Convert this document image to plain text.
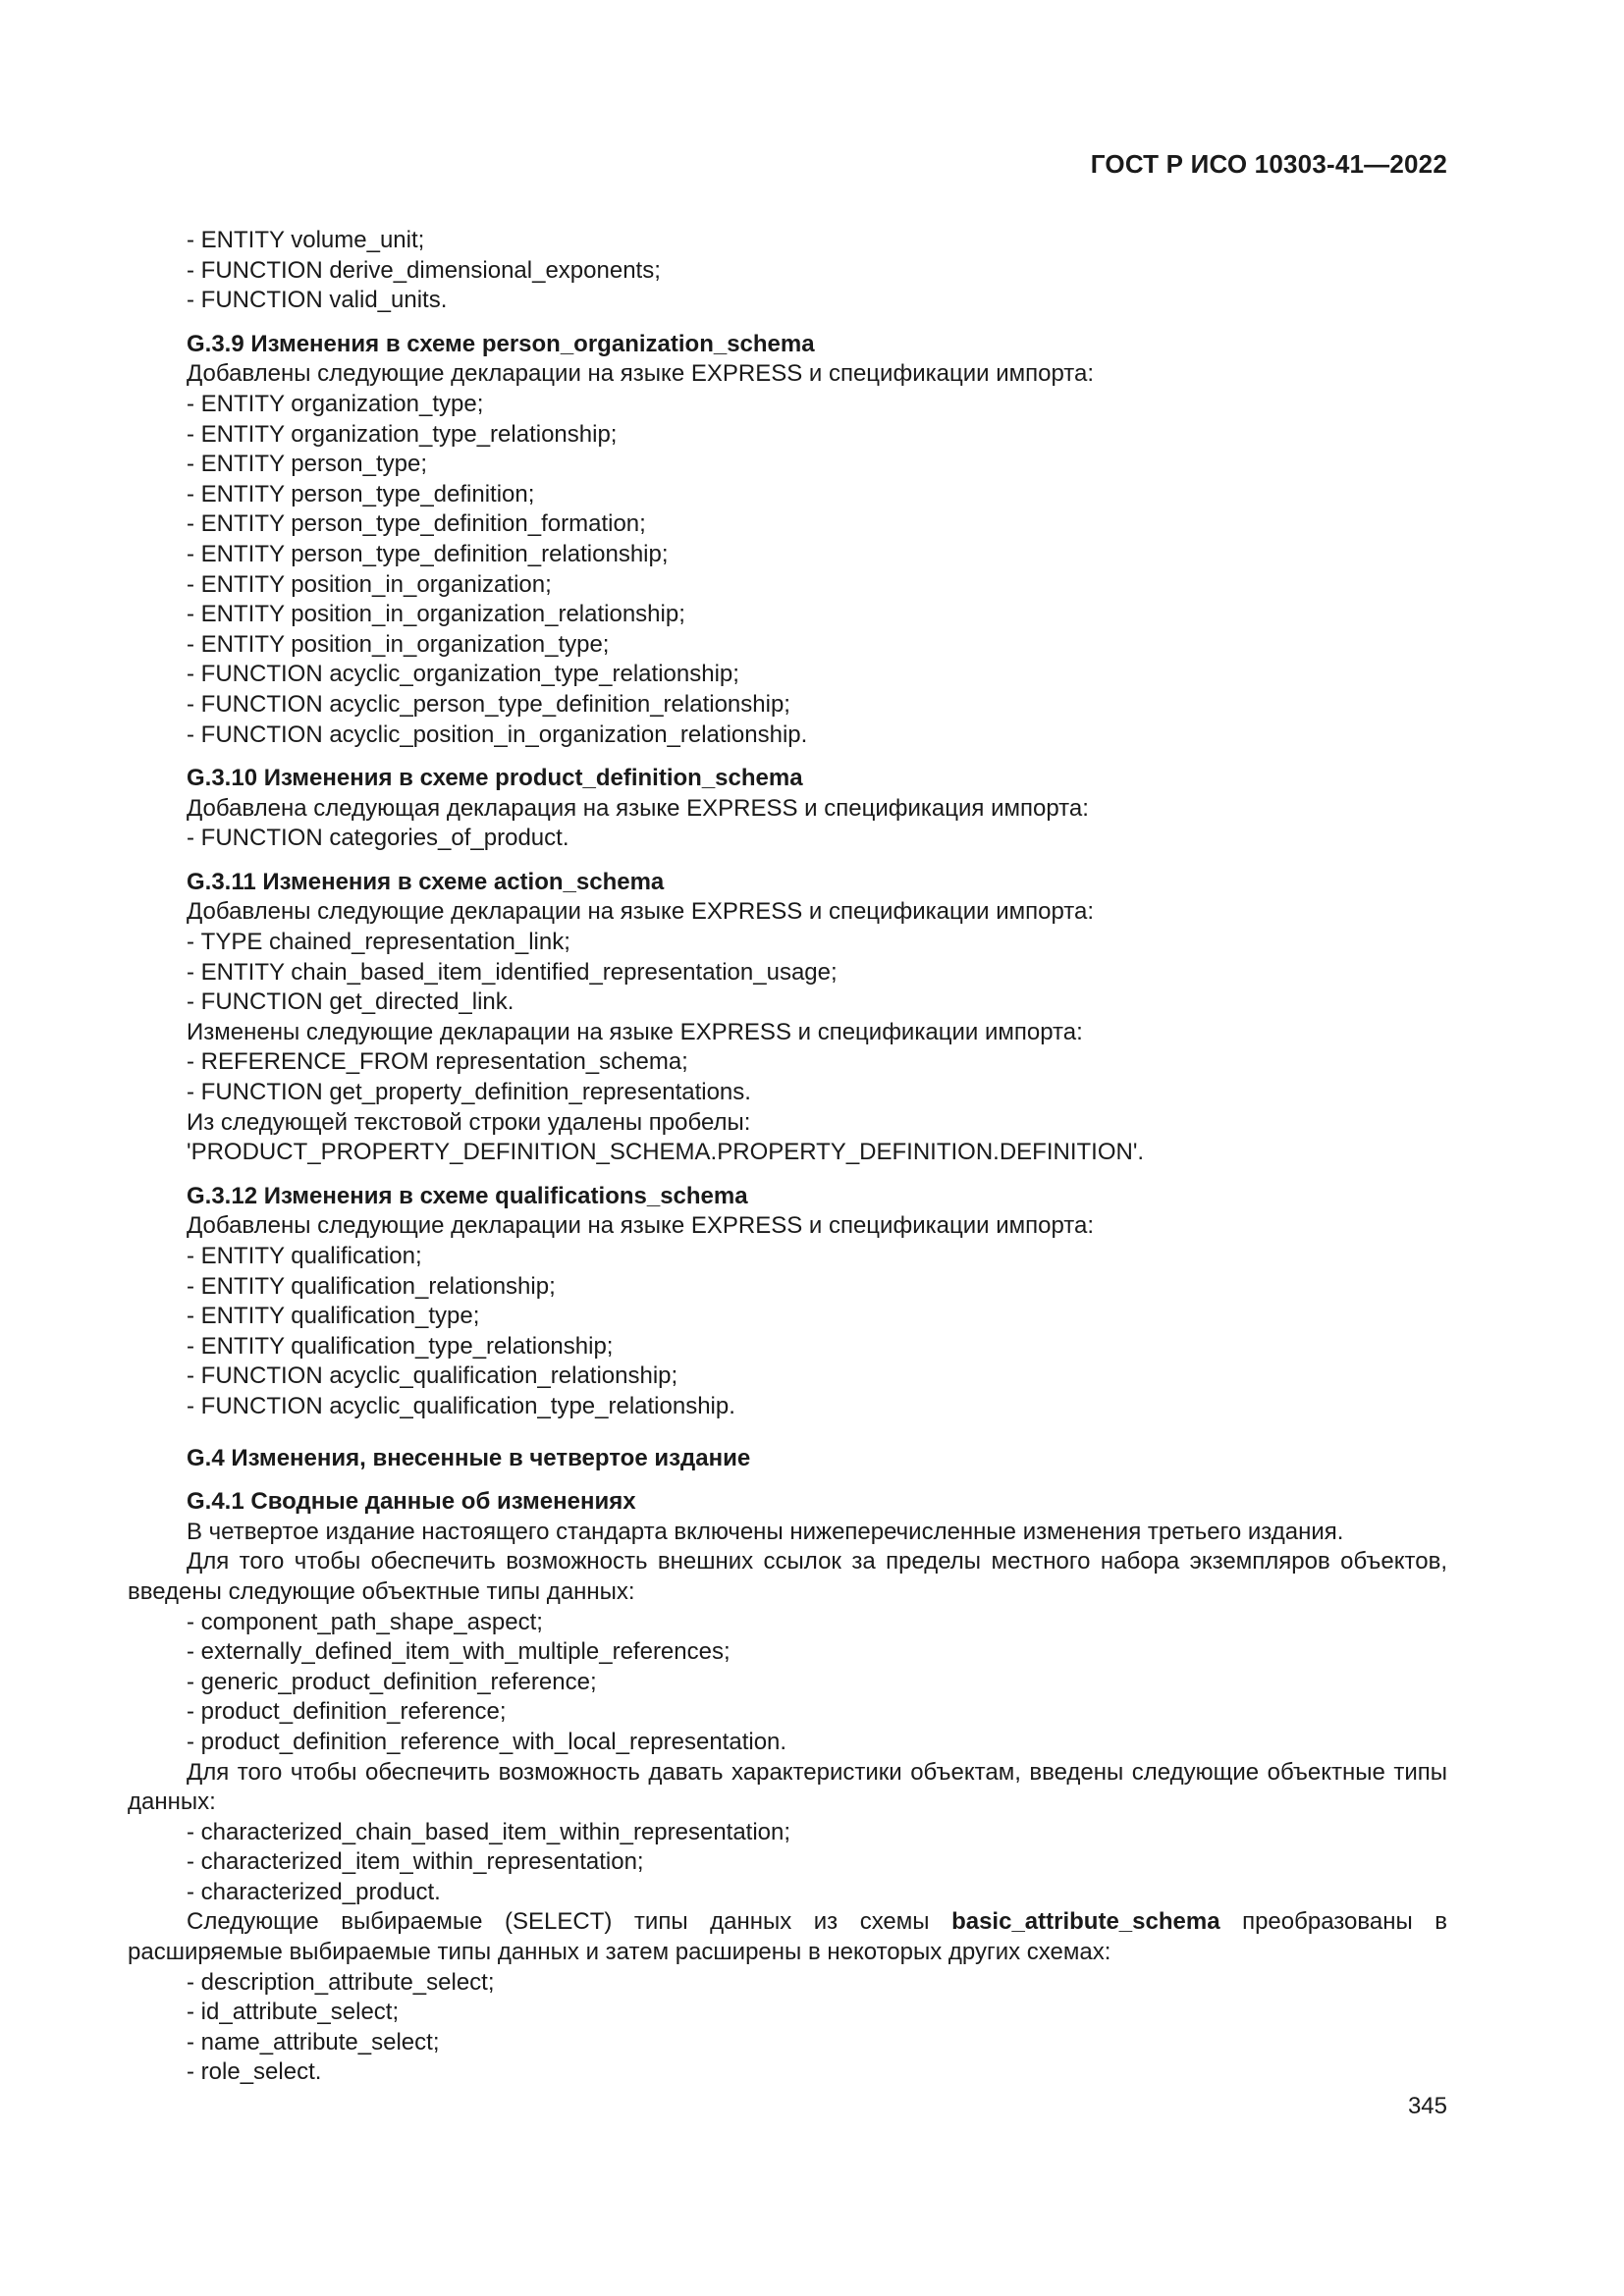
ГОСТ Р ИСО 10303-41—2022

- ENTITY volume_unit;

- FUNCTION derive_dimensional_exponents;

- FUNCTION valid_units.

G.3.9 Изменения в схеме person_organization_schema

Добавлены следующие декларации на языке EXPRESS и спецификации импорта:

- ENTITY organization_type;

- ENTITY organization_type_relationship;

- ENTITY person_type;

- ENTITY person_type_definition;

- ENTITY person_type_definition_formation;

- ENTITY person_type_definition_relationship;

- ENTITY position_in_organization;

- ENTITY position_in_organization_relationship;

- ENTITY position_in_organization_type;

- FUNCTION acyclic_organization_type_relationship;

- FUNCTION acyclic_person_type_definition_relationship;

- FUNCTION acyclic_position_in_organization_relationship.

G.3.10 Изменения в схеме product_definition_schema

Добавлена следующая декларация на языке EXPRESS и спецификация импорта:

- FUNCTION categories_of_product.

G.3.11 Изменения в схеме action_schema

Добавлены следующие декларации на языке EXPRESS и спецификации импорта:

- TYPE chained_representation_link;

- ENTITY chain_based_item_identified_representation_usage;

- FUNCTION get_directed_link.

Изменены следующие декларации на языке EXPRESS и спецификации импорта:

- REFERENCE_FROM representation_schema;

- FUNCTION get_property_definition_representations.

Из следующей текстовой строки удалены пробелы:

'PRODUCT_PROPERTY_DEFINITION_SCHEMA.PROPERTY_DEFINITION.DEFINITION'.

G.3.12 Изменения в схеме qualifications_schema

Добавлены следующие декларации на языке EXPRESS и спецификации импорта:

- ENTITY qualification;

- ENTITY qualification_relationship;

- ENTITY qualification_type;

- ENTITY qualification_type_relationship;

- FUNCTION acyclic_qualification_relationship;

- FUNCTION acyclic_qualification_type_relationship.

G.4 Изменения, внесенные в четвертое издание

G.4.1 Сводные данные об изменениях

В четвертое издание настоящего стандарта включены нижеперечисленные изменения третьего издания.

Для того чтобы обеспечить возможность внешних ссылок за пределы местного набора экземпляров объектов, введены следующие объектные типы данных:

- component_path_shape_aspect;

- externally_defined_item_with_multiple_references;

- generic_product_definition_reference;

- product_definition_reference;

- product_definition_reference_with_local_representation.

Для того чтобы обеспечить возможность давать характеристики объектам, введены следующие объектные типы данных:

- characterized_chain_based_item_within_representation;

- characterized_item_within_representation;

- characterized_product.

Следующие выбираемые (SELECT) типы данных из схемы basic_attribute_schema преобразованы в расширяемые выбираемые типы данных и затем расширены в некоторых других схемах:

- description_attribute_select;

- id_attribute_select;

- name_attribute_select;

- role_select.

345
